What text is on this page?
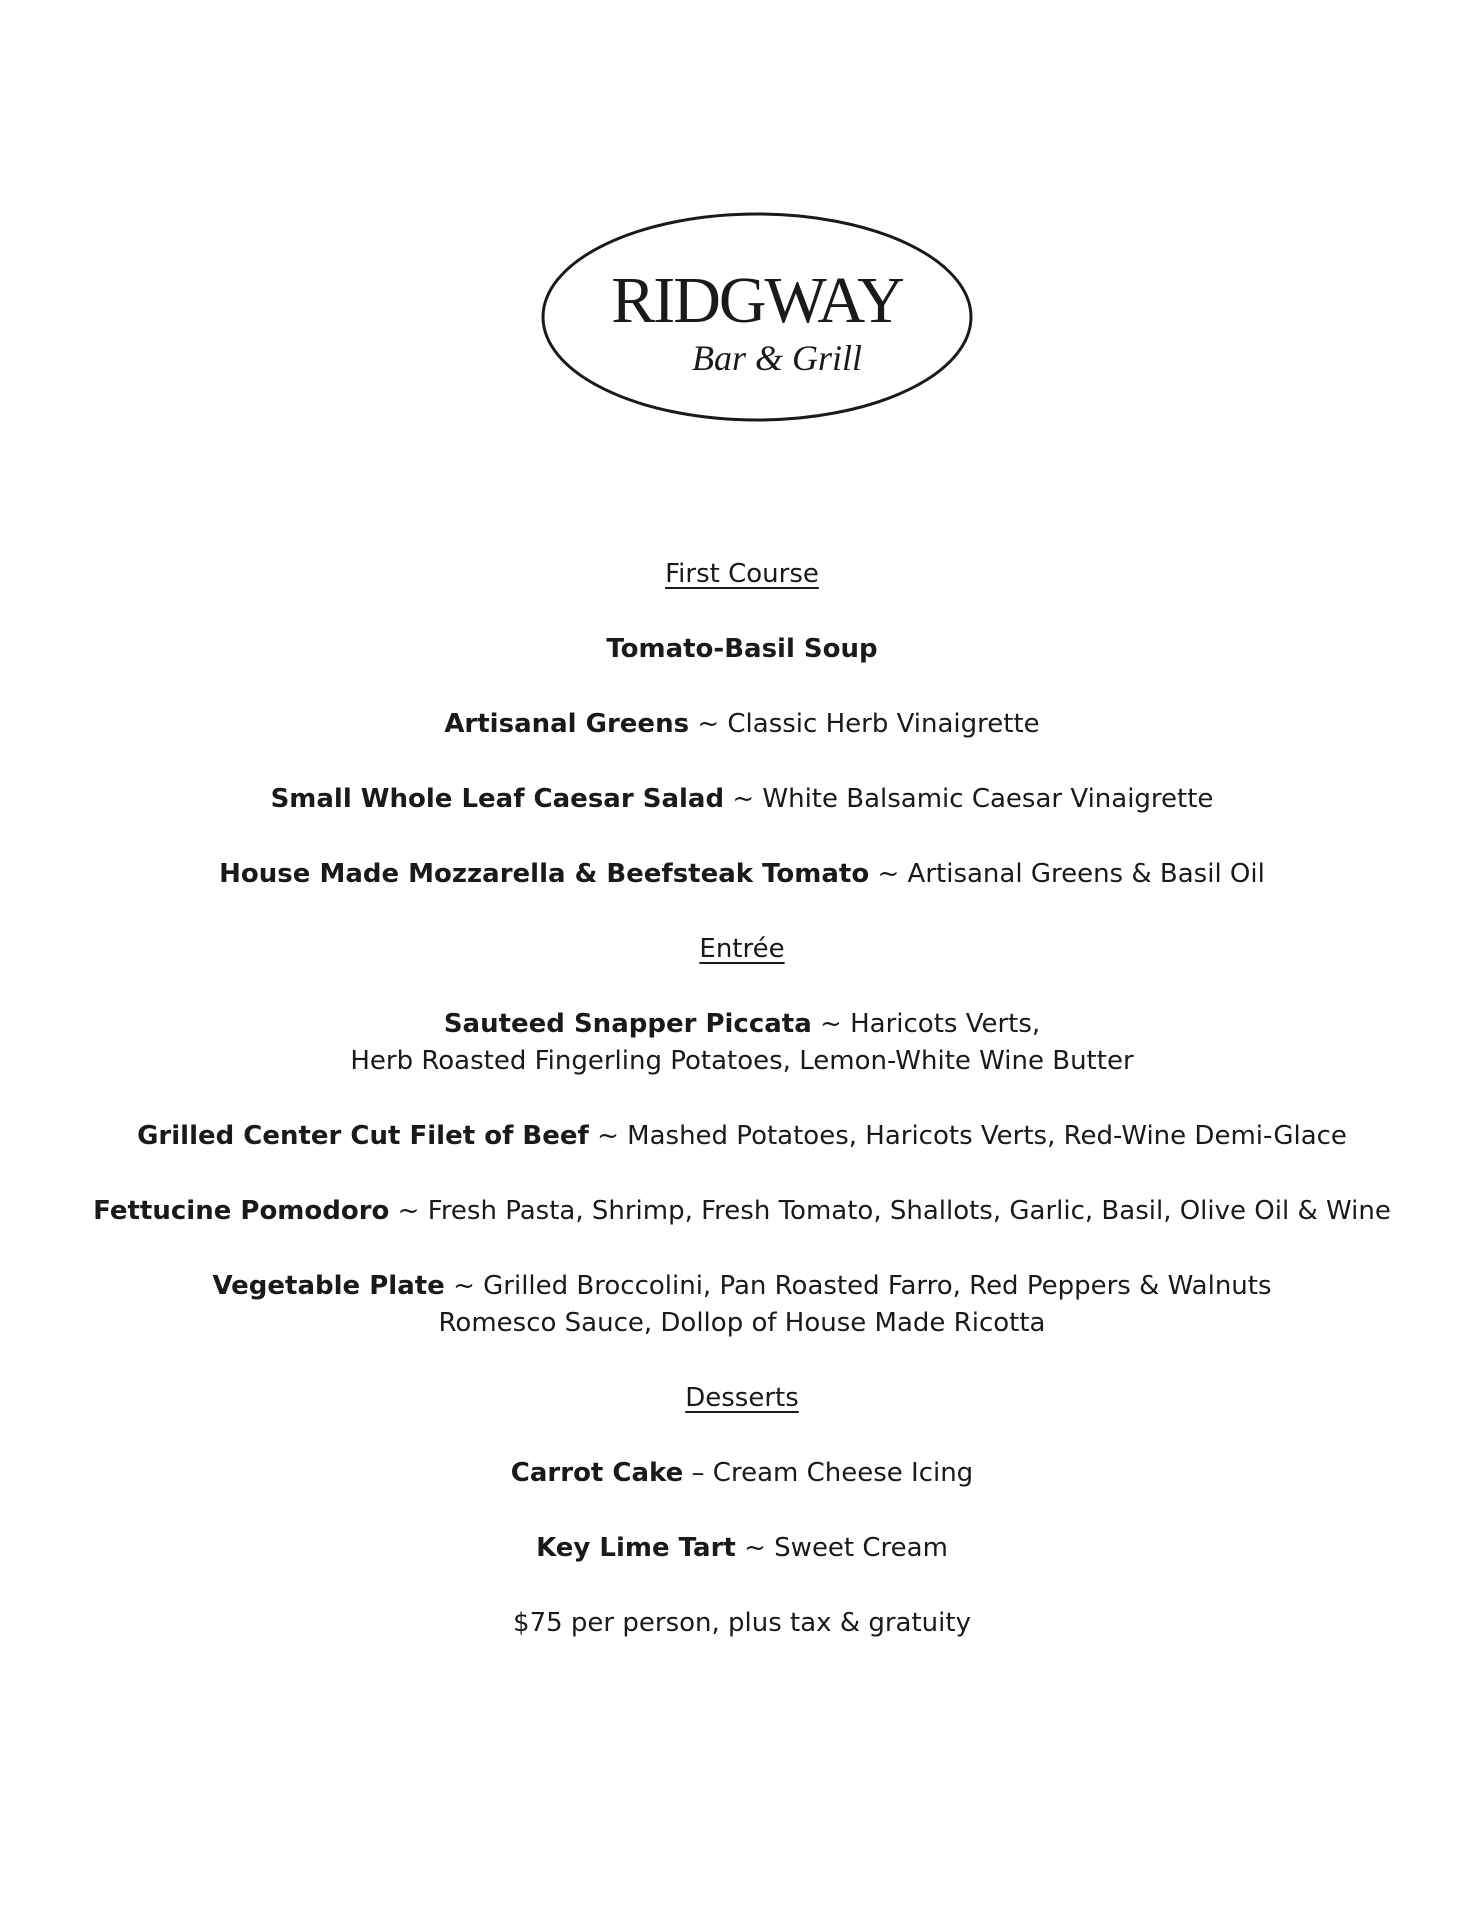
RIDGWAY
Bar & Grill
First Course
Tomato-Basil Soup
Artisanal Greens ~ Classic Herb Vinaigrette
Small Whole Leaf Caesar Salad ~ White Balsamic Caesar Vinaigrette
House Made Mozzarella & Beefsteak Tomato ~ Artisanal Greens & Basil Oil
Entrée
Sauteed Snapper Piccata ~ Haricots Verts,
Herb Roasted Fingerling Potatoes, Lemon-White Wine Butter
Grilled Center Cut Filet of Beef ~ Mashed Potatoes, Haricots Verts, Red-Wine Demi-Glace
Fettucine Pomodoro ~ Fresh Pasta, Shrimp, Fresh Tomato, Shallots, Garlic, Basil, Olive Oil & Wine
Vegetable Plate ~ Grilled Broccolini, Pan Roasted Farro, Red Peppers & Walnuts
Romesco Sauce, Dollop of House Made Ricotta
Desserts
Carrot Cake – Cream Cheese Icing
Key Lime Tart ~ Sweet Cream
$75 per person, plus tax & gratuity
